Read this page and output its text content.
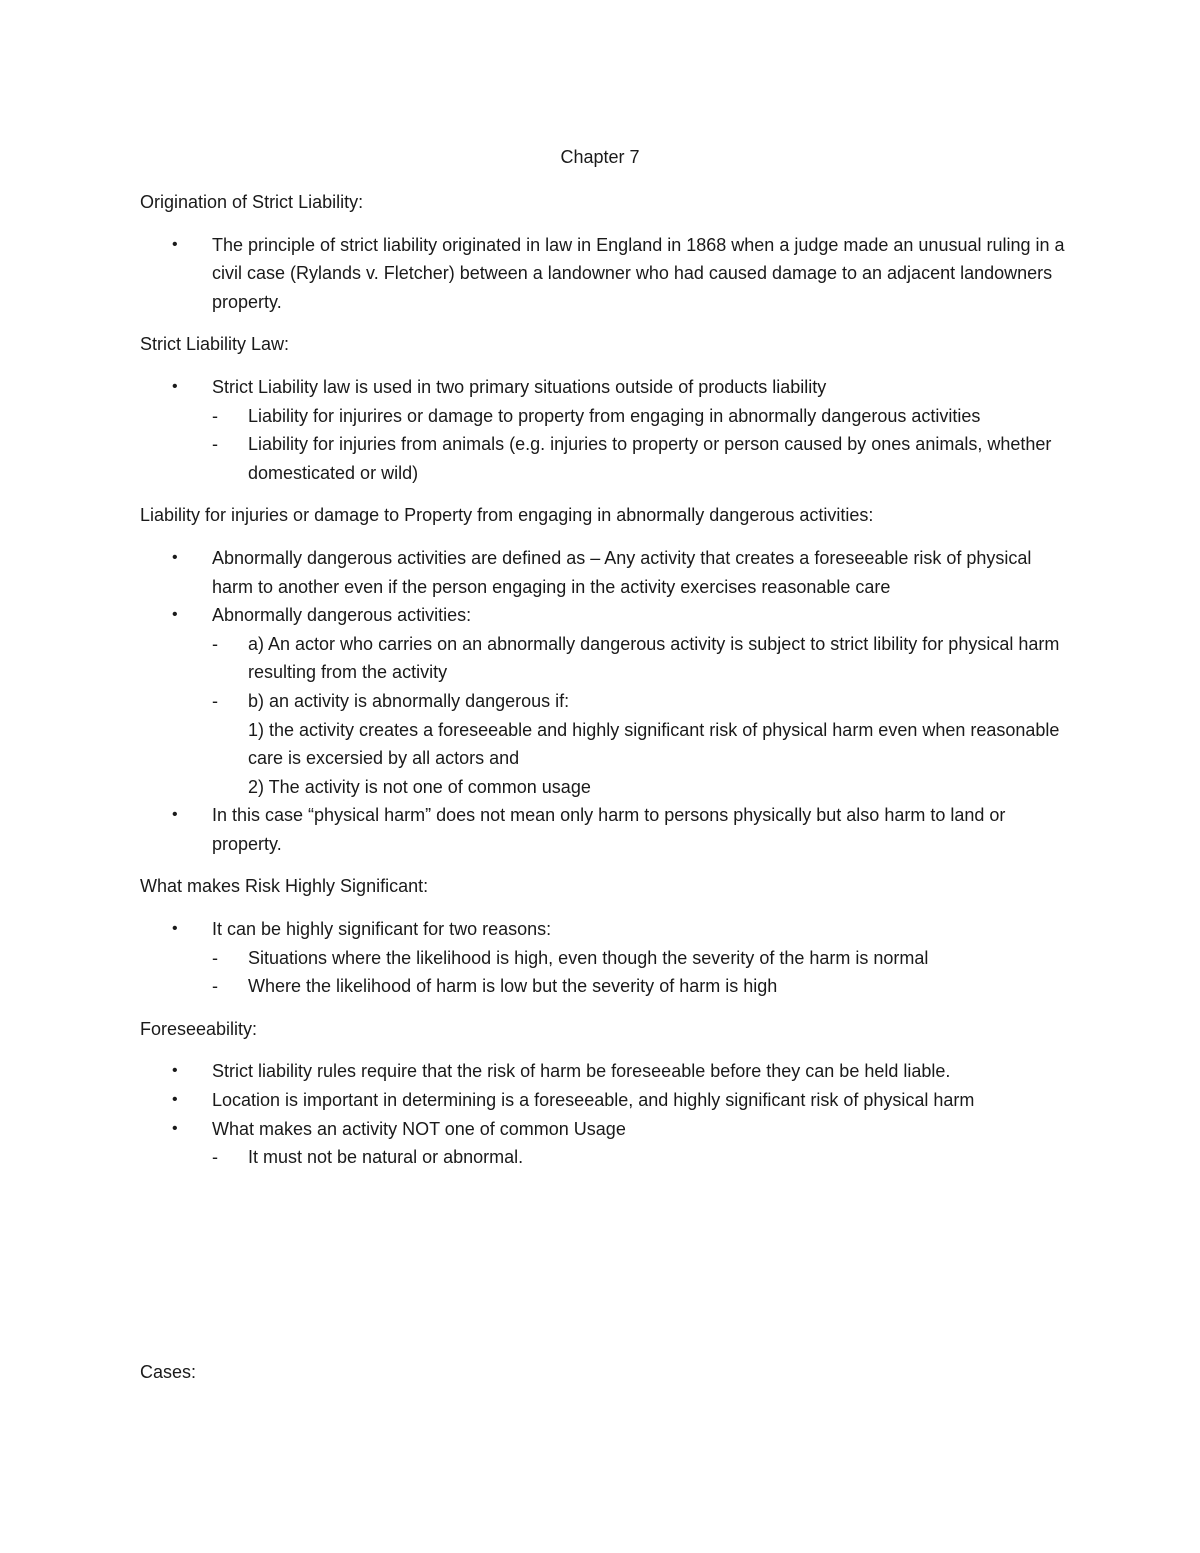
Chapter 7
Origination of Strict Liability:
• The principle of strict liability originated in law in England in 1868 when a judge made an unusual ruling in a civil case (Rylands v. Fletcher) between a landowner who had caused damage to an adjacent landowners property.
Strict Liability Law:
• Strict Liability law is used in two primary situations outside of products liability
- Liability for injurires or damage to property from engaging in abnormally dangerous activities
- Liability for injuries from animals (e.g. injuries to property or person caused by ones animals, whether domesticated or wild)
Liability for injuries or damage to Property from engaging in abnormally dangerous activities:
• Abnormally dangerous activities are defined as – Any activity that creates a foreseeable risk of physical harm to another even if the person engaging in the activity exercises reasonable care
• Abnormally dangerous activities:
- a) An actor who carries on an abnormally dangerous activity is subject to strict libility for physical harm resulting from the activity
- b) an activity is abnormally dangerous if:
1) the activity creates a foreseeable and highly significant risk of physical harm even when reasonable care is excersied by all actors and
2) The activity is not one of common usage
• In this case “physical harm” does not mean only harm to persons physically but also harm to land or property.
What makes Risk Highly Significant:
• It can be highly significant for two reasons:
- Situations where the likelihood is high, even though the severity of the harm is normal
- Where the likelihood of harm is low but the severity of harm is high
Foreseeability:
• Strict liability rules require that the risk of harm be foreseeable before they can be held liable.
• Location is important in determining is a foreseeable, and highly significant risk of physical harm
• What makes an activity NOT one of common Usage
- It must not be natural or abnormal.
Cases:
